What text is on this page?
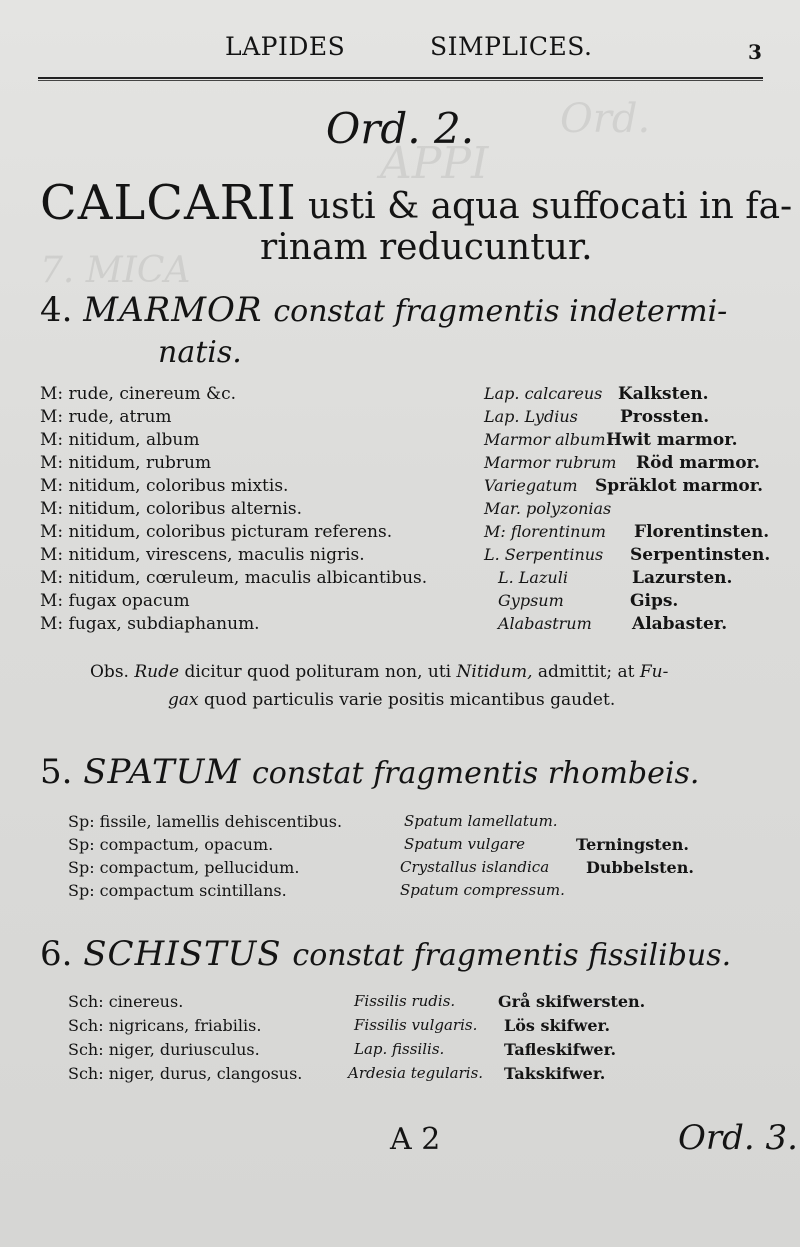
Ord.
APPI
7. MICA
LAPIDES	SIMPLICES.	3
Ord. 2.
CALCARII usti & aqua suffocati in fa-
rinam reducuntur.
4. MARMOR constat fragmentis indetermi-
natis.
M: rude, cinereum &c.	Lap. calcareus Kalksten.
M: rude, atrum	Lap. Lydius Prossten.
M: nitidum, album	Marmor album Hwit marmor.
M: nitidum, rubrum	Marmor rubrum Röd marmor.
M: nitidum, coloribus mixtis.	Variegatum Spräklot marmor.
M: nitidum, coloribus alternis.	Mar. polyzonias
M: nitidum, coloribus picturam referens.	M: florentinum Florentinsten.
M: nitidum, virescens, maculis nigris.	L. Serpentinus Serpentinsten.
M: nitidum, cœruleum, maculis albicantibus.	L. Lazuli	Lazursten.
M: fugax opacum	Gypsum	Gips.
M: fugax, subdiaphanum.	Alabastrum Alabaster.
Obs. Rude dicitur quod polituram non, uti Nitidum, admittit; at Fu-
gax quod particulis varie positis micantibus gaudet.
5. SPATUM constat fragmentis rhombeis.
Sp: fissile, lamellis dehiscentibus.	Spatum lamellatum.
Sp: compactum, opacum.	Spatum vulgare	Terningsten.
Sp: compactum, pellucidum.	Crystallus islandica Dubbelsten.
Sp: compactum scintillans.	Spatum compressum.
6. SCHISTUS constat fragmentis fissilibus.
Sch: cinereus.	Fissilis rudis.	Grå skifwersten.
Sch: nigricans, friabilis.	Fissilis vulgaris. Lös skifwer.
Sch: niger, duriusculus.	Lap. fissilis.	Tafleskifwer.
Sch: niger, durus, clangosus.	Ardesia tegularis. Takskifwer.
A 2	Ord. 3.
